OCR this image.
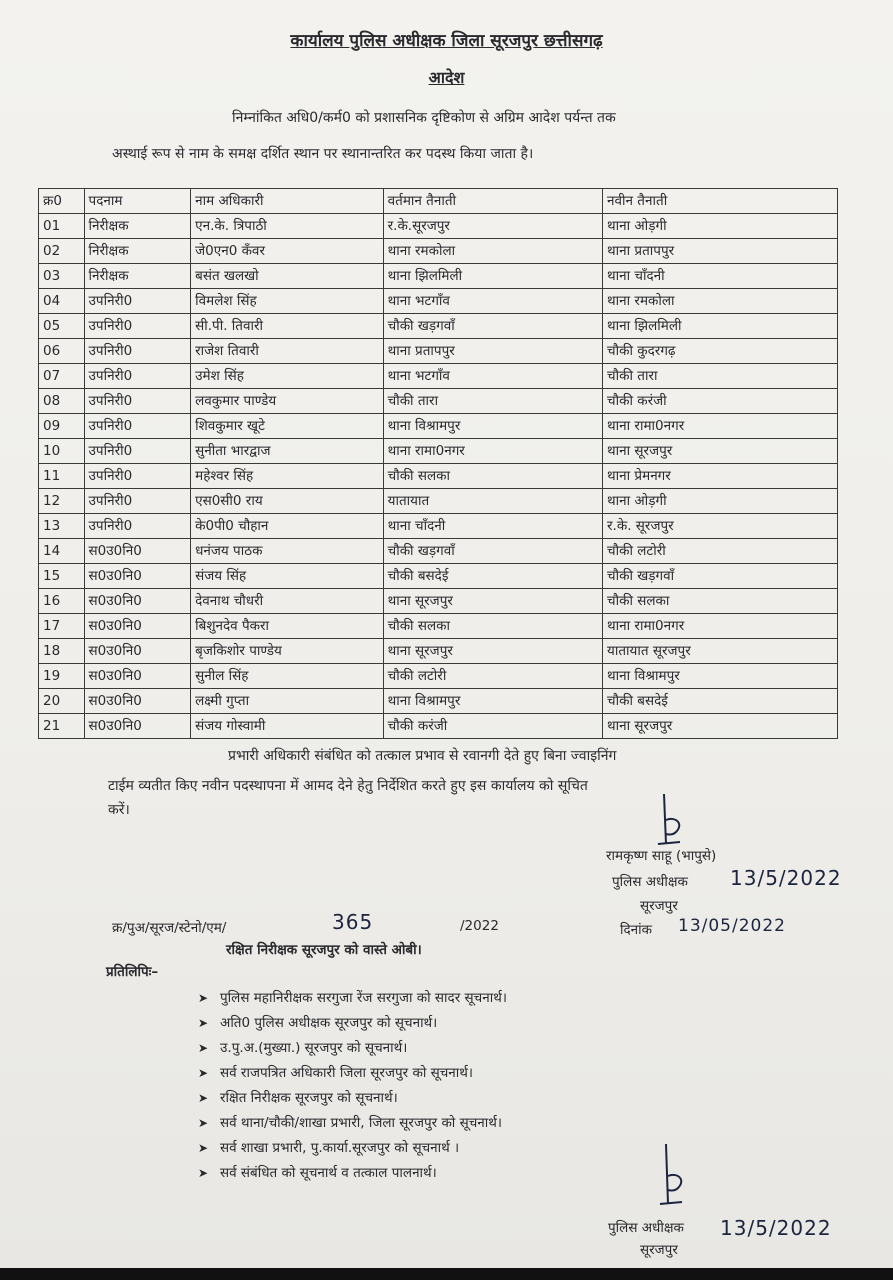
कार्यालय पुलिस अधीक्षक जिला सूरजपुर छत्तीसगढ़
आदेश
निम्नांकित अधि0/कर्म0 को प्रशासनिक दृष्टिकोण से अग्रिम आदेश पर्यन्त तक
अस्थाई रूप से नाम के समक्ष दर्शित स्थान पर स्थानान्तरित कर पदस्थ किया जाता है।
क्र0	पदनाम	नाम अधिकारी	वर्तमान तैनाती	नवीन तैनाती
01	निरीक्षक	एन.के. त्रिपाठी	र.के.सूरजपुर	थाना ओड़गी
02	निरीक्षक	जे0एन0 कँवर	थाना रमकोला	थाना प्रतापपुर
03	निरीक्षक	बसंत खलखो	थाना झिलमिली	थाना चाँदनी
04	उपनिरी0	विमलेश सिंह	थाना भटगाँव	थाना रमकोला
05	उपनिरी0	सी.पी. तिवारी	चौकी खड़गवाँ	थाना झिलमिली
06	उपनिरी0	राजेश तिवारी	थाना प्रतापपुर	चौकी कुदरगढ़
07	उपनिरी0	उमेश सिंह	थाना भटगाँव	चौकी तारा
08	उपनिरी0	लवकुमार पाण्डेय	चौकी तारा	चौकी करंजी
09	उपनिरी0	शिवकुमार खूटे	थाना विश्रामपुर	थाना रामा0नगर
10	उपनिरी0	सुनीता भारद्वाज	थाना रामा0नगर	थाना सूरजपुर
11	उपनिरी0	महेश्वर सिंह	चौकी सलका	थाना प्रेमनगर
12	उपनिरी0	एस0सी0 राय	यातायात	थाना ओड़गी
13	उपनिरी0	के0पी0 चौहान	थाना चाँदनी	र.के. सूरजपुर
14	स0उ0नि0	धनंजय पाठक	चौकी खड़गवाँ	चौकी लटोरी
15	स0उ0नि0	संजय सिंह	चौकी बसदेई	चौकी खड़गवाँ
16	स0उ0नि0	देवनाथ चौधरी	थाना सूरजपुर	चौकी सलका
17	स0उ0नि0	बिशुनदेव पैकरा	चौकी सलका	थाना रामा0नगर
18	स0उ0नि0	बृजकिशोर पाण्डेय	थाना सूरजपुर	यातायात सूरजपुर
19	स0उ0नि0	सुनील सिंह	चौकी लटोरी	थाना विश्रामपुर
20	स0उ0नि0	लक्ष्मी गुप्ता	थाना विश्रामपुर	चौकी बसदेई
21	स0उ0नि0	संजय गोस्वामी	चौकी करंजी	थाना सूरजपुर
प्रभारी अधिकारी संबंधित को तत्काल प्रभाव से रवानगी देते हुए बिना ज्वाइनिंग
टाईम व्यतीत किए नवीन पदस्थापना में आमद देने हेतु निर्देशित करते हुए इस कार्यालय को सूचित
करें।
रामकृष्ण साहू (भापुसे)
पुलिस अधीक्षक
सूरजपुर
दिनांक 13/05/2022
13/5/2022
क्र/पुअ/सूरज/स्टेनो/एम/	365	/2022
रक्षित निरीक्षक सूरजपुर को वास्ते ओबी।
प्रतिलिपिः–
➤ पुलिस महानिरीक्षक सरगुजा रेंज सरगुजा को सादर सूचनार्थ।
➤ अति0 पुलिस अधीक्षक सूरजपुर को सूचनार्थ।
➤ उ.पु.अ.(मुख्या.) सूरजपुर को सूचनार्थ।
➤ सर्व राजपत्रित अधिकारी जिला सूरजपुर को सूचनार्थ।
➤ रक्षित निरीक्षक सूरजपुर को सूचनार्थ।
➤ सर्व थाना/चौकी/शाखा प्रभारी, जिला सूरजपुर को सूचनार्थ।
➤ सर्व शाखा प्रभारी, पु.कार्या.सूरजपुर को सूचनार्थ ।
➤ सर्व संबंधित को सूचनार्थ व तत्काल पालनार्थ।
पुलिस अधीक्षक
सूरजपुर
13/5/2022
